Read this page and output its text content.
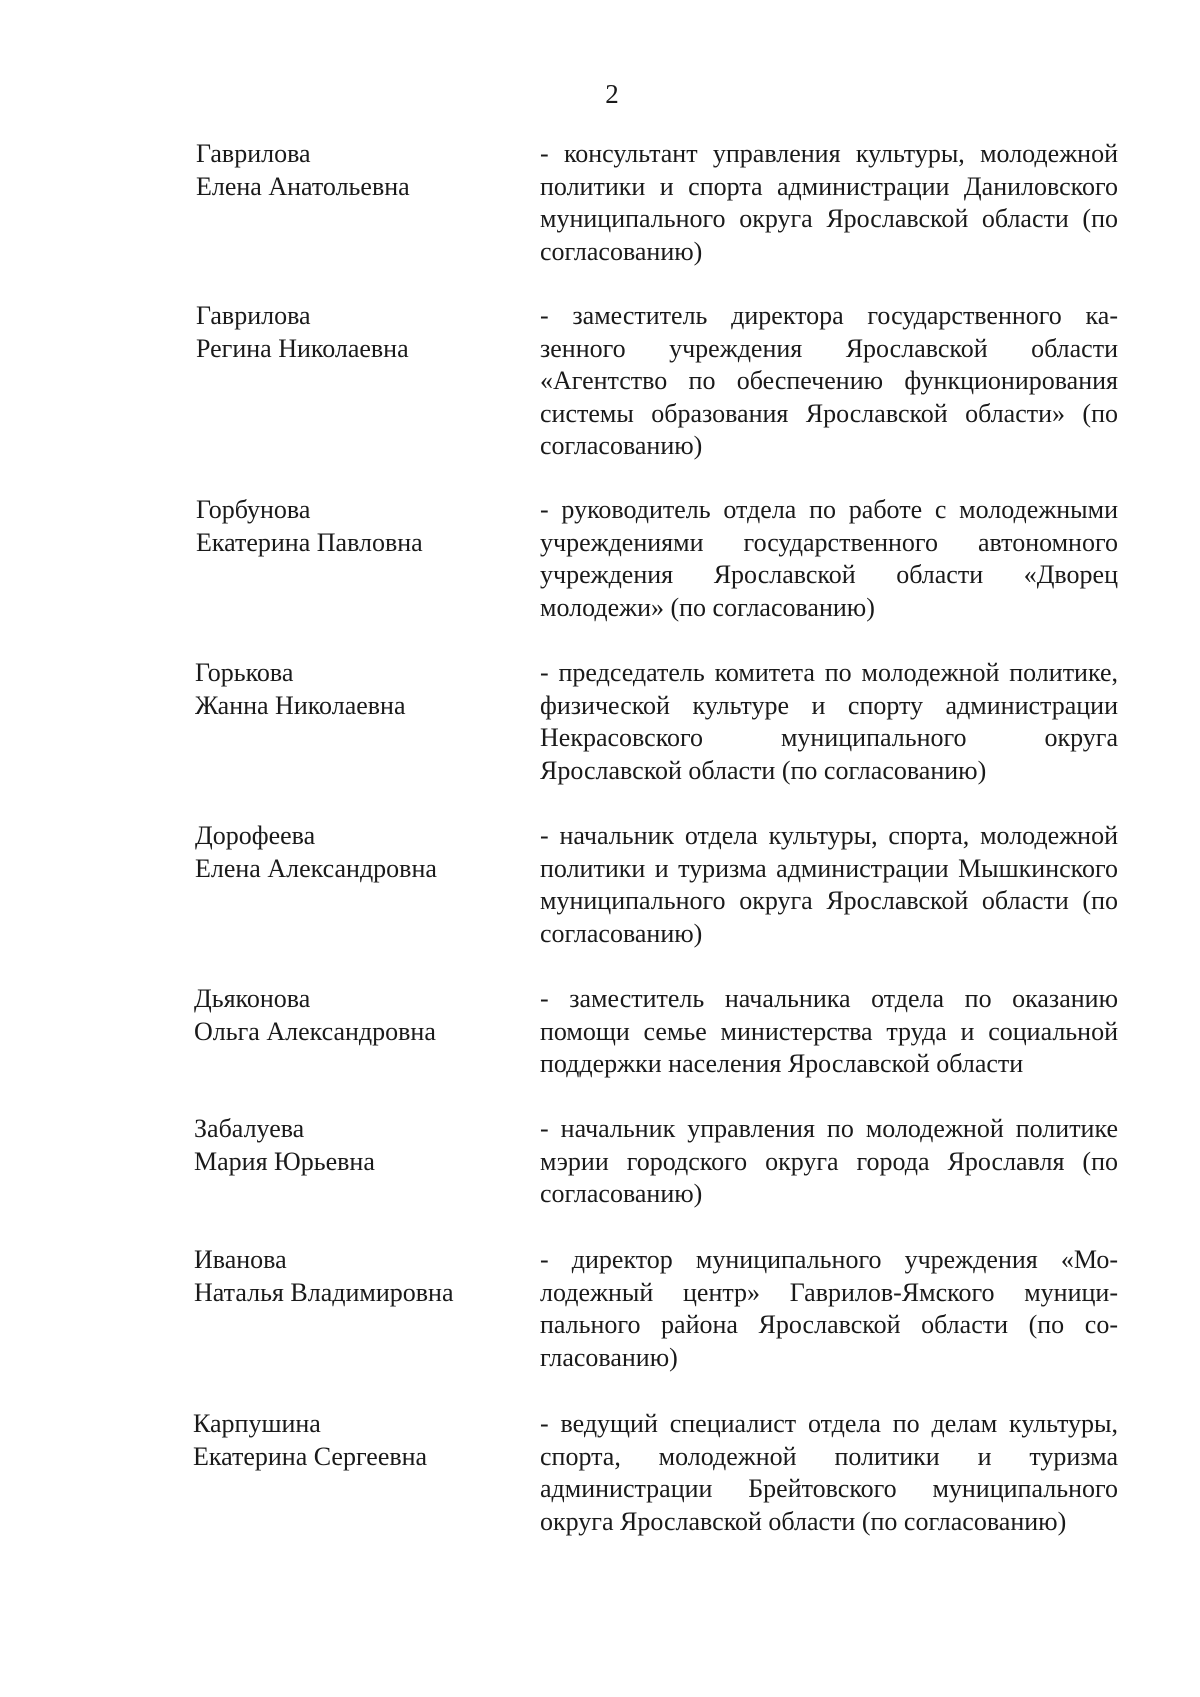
2
Гаврилова
Елена Анатольевна
- консультант управления культуры, молодежной политики и спорта администрации Даниловского муниципального округа Ярославской области (по согласованию)
Гаврилова
Регина Николаевна
- заместитель директора государственного казенного учреждения Ярославской области «Агентство по обеспечению функционирования системы образования Ярославской области» (по согласованию)
Горбунова
Екатерина Павловна
- руководитель отдела по работе с молодежными учреждениями государственного автономного учреждения Ярославской области «Дворец молодежи» (по согласованию)
Горькова
Жанна Николаевна
- председатель комитета по молодежной политике, физической культуре и спорту администрации Некрасовского муниципального округа Ярославской области (по согласованию)
Дорофеева
Елена Александровна
- начальник отдела культуры, спорта, молодежной политики и туризма администрации Мышкинского муниципального округа Ярославской области (по согласованию)
Дьяконова
Ольга Александровна
- заместитель начальника отдела по оказанию помощи семье министерства труда и социальной поддержки населения Ярославской области
Забалуева
Мария Юрьевна
- начальник управления по молодежной политике мэрии городского округа города Ярославля (по согласованию)
Иванова
Наталья Владимировна
- директор муниципального учреждения «Молодежный центр» Гаврилов-Ямского муниципального района Ярославской области (по согласованию)
Карпушина
Екатерина Сергеевна
- ведущий специалист отдела по делам культуры, спорта, молодежной политики и туризма администрации Брейтовского муниципального округа Ярославской области (по согласованию)
